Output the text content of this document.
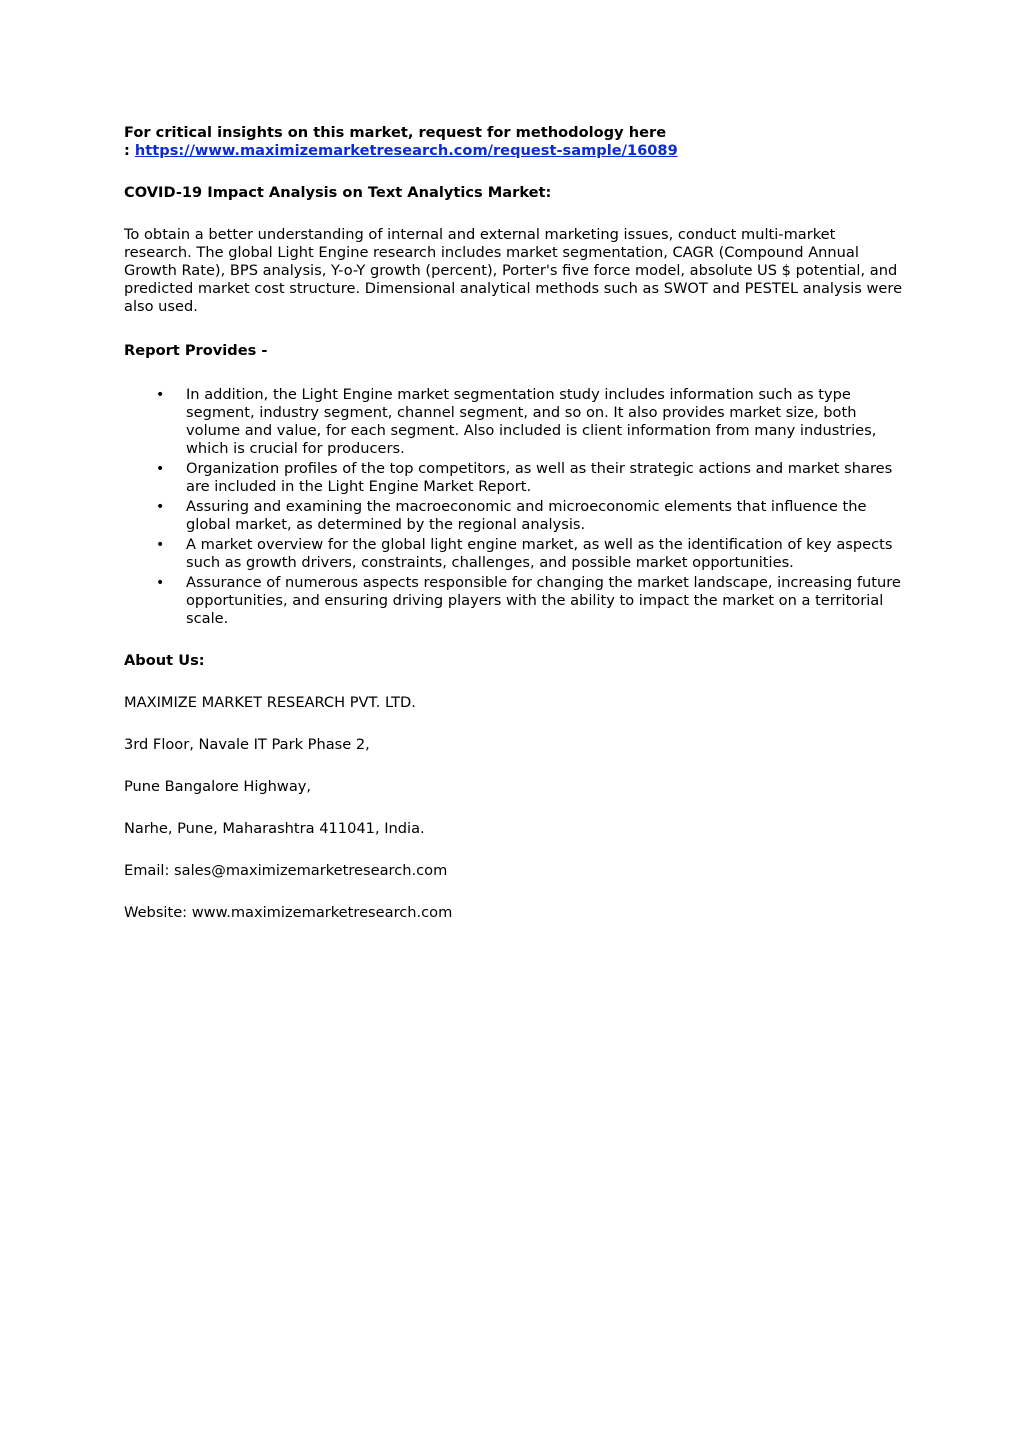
For critical insights on this market, request for methodology here

: https://www.maximizemarketresearch.com/request-sample/16089

COVID-19 Impact Analysis on Text Analytics Market:

To obtain a better understanding of internal and external marketing issues, conduct multi-market research. The global Light Engine research includes market segmentation, CAGR (Compound Annual Growth Rate), BPS analysis, Y-o-Y growth (percent), Porter's five force model, absolute US $ potential, and predicted market cost structure. Dimensional analytical methods such as SWOT and PESTEL analysis were also used.

Report Provides -

• In addition, the Light Engine market segmentation study includes information such as type segment, industry segment, channel segment, and so on. It also provides market size, both volume and value, for each segment. Also included is client information from many industries, which is crucial for producers.
• Organization profiles of the top competitors, as well as their strategic actions and market shares are included in the Light Engine Market Report.
• Assuring and examining the macroeconomic and microeconomic elements that influence the global market, as determined by the regional analysis.
• A market overview for the global light engine market, as well as the identification of key aspects such as growth drivers, constraints, challenges, and possible market opportunities.
• Assurance of numerous aspects responsible for changing the market landscape, increasing future opportunities, and ensuring driving players with the ability to impact the market on a territorial scale.

About Us:

MAXIMIZE MARKET RESEARCH PVT. LTD.

3rd Floor, Navale IT Park Phase 2,

Pune Bangalore Highway,

Narhe, Pune, Maharashtra 411041, India.

Email: sales@maximizemarketresearch.com

Website: www.maximizemarketresearch.com
